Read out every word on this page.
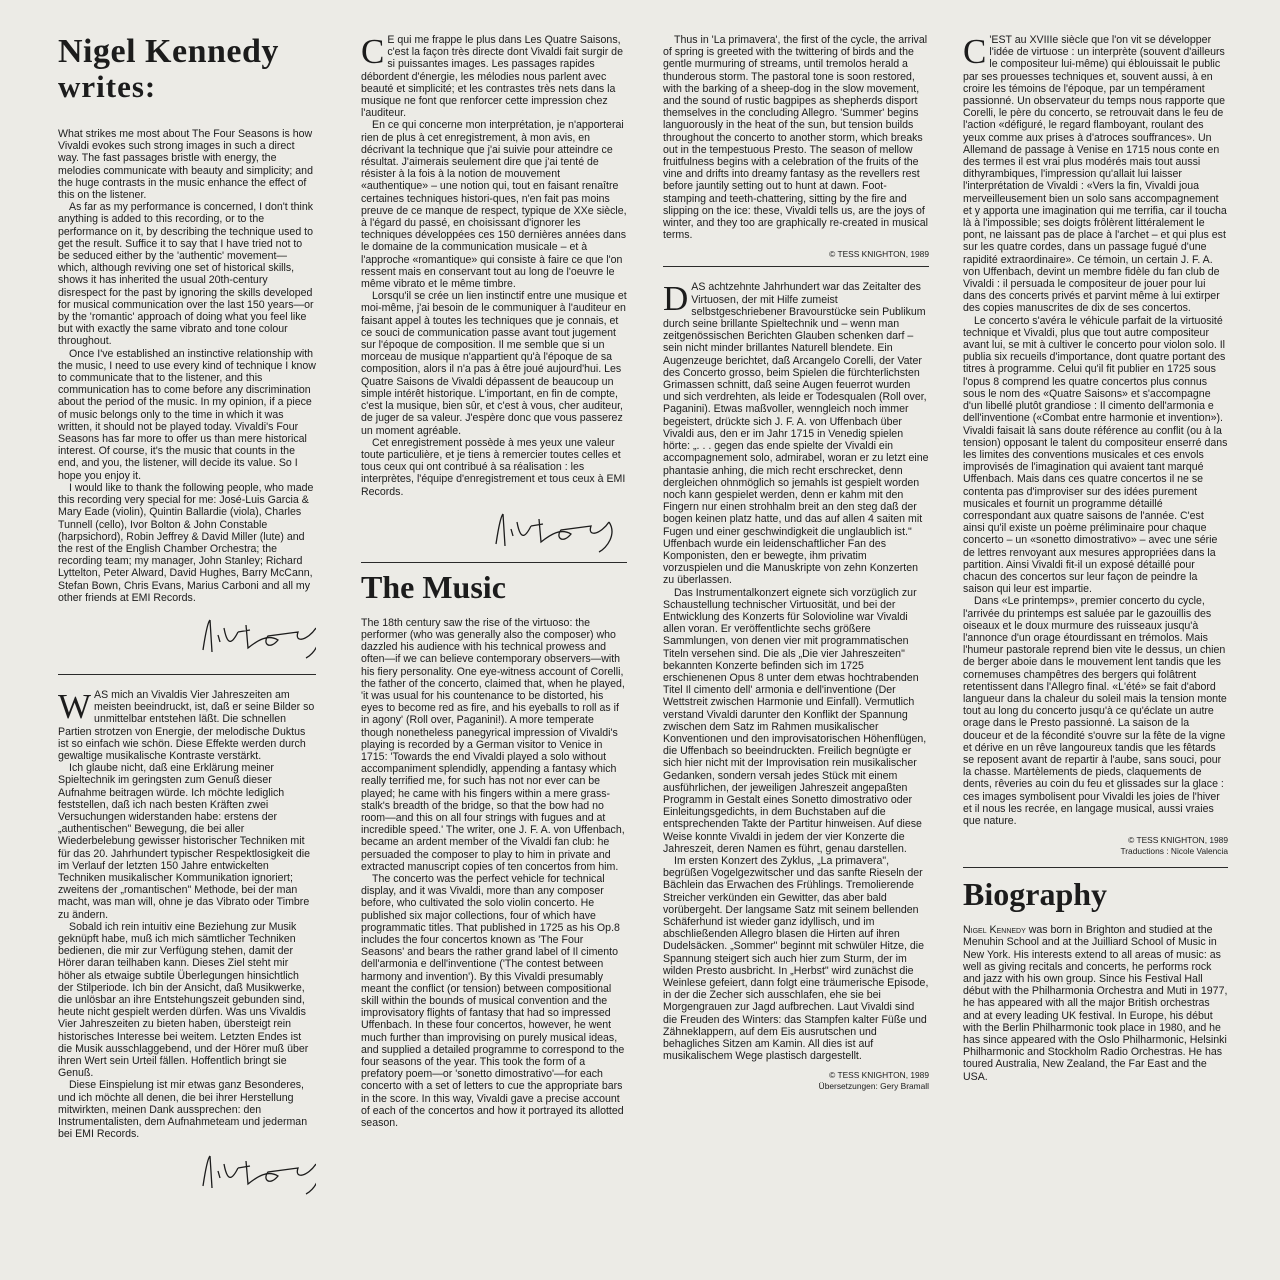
Nigel Kennedy
writes:

What strikes me most about The Four Seasons is how Vivaldi evokes such strong images in such a direct way. The fast passages bristle with energy, the melodies communicate with beauty and simplicity; and the huge contrasts in the music enhance the effect of this on the listener.

As far as my performance is concerned, I don't think anything is added to this recording, or to the performance on it, by describing the technique used to get the result. Suffice it to say that I have tried not to be seduced either by the 'authentic' movement—which, although reviving one set of historical skills, shows it has inherited the usual 20th-century disrespect for the past by ignoring the skills developed for musical communication over the last 150 years—or by the 'romantic' approach of doing what you feel like but with exactly the same vibrato and tone colour throughout.

Once I've established an instinctive relationship with the music, I need to use every kind of technique I know to communicate that to the listener, and this communication has to come before any discrimination about the period of the music. In my opinion, if a piece of music belongs only to the time in which it was written, it should not be played today. Vivaldi's Four Seasons has far more to offer us than mere historical interest. Of course, it's the music that counts in the end, and you, the listener, will decide its value. So I hope you enjoy it.

I would like to thank the following people, who made this recording very special for me: José-Luis Garcia & Mary Eade (violin), Quintin Ballardie (viola), Charles Tunnell (cello), Ivor Bolton & John Constable (harpsichord), Robin Jeffrey & David Miller (lute) and the rest of the English Chamber Orchestra; the recording team; my manager, John Stanley; Richard Lyttelton, Peter Alward, David Hughes, Barry McCann, Stefan Bown, Chris Evans, Marius Carboni and all my other friends at EMI Records.

WAS mich an Vivaldis Vier Jahreszeiten am meisten beeindruckt, ist, daß er seine Bilder so unmittelbar entstehen läßt. Die schnellen Partien strotzen von Energie, der melodische Duktus ist so einfach wie schön. Diese Effekte werden durch gewaltige musikalische Kontraste verstärkt.

Ich glaube nicht, daß eine Erklärung meiner Spieltechnik im geringsten zum Genuß dieser Aufnahme beitragen würde. Ich möchte lediglich feststellen, daß ich nach besten Kräften zwei Versuchungen widerstanden habe: erstens der „authentischen" Bewegung, die bei aller Wiederbelebung gewisser historischer Techniken mit für das 20. Jahrhundert typischer Respektlosigkeit die im Verlauf der letzten 150 Jahre entwickelten Techniken musikalischer Kommunikation ignoriert; zweitens der „romantischen" Methode, bei der man macht, was man will, ohne je das Vibrato oder Timbre zu ändern.

Sobald ich rein intuitiv eine Beziehung zur Musik geknüpft habe, muß ich mich sämtlicher Techniken bedienen, die mir zur Verfügung stehen, damit der Hörer daran teilhaben kann. Dieses Ziel steht mir höher als etwaige subtile Überlegungen hinsichtlich der Stilperiode. Ich bin der Ansicht, daß Musikwerke, die unlösbar an ihre Entstehungszeit gebunden sind, heute nicht gespielt werden dürfen. Was uns Vivaldis Vier Jahreszeiten zu bieten haben, übersteigt rein historisches Interesse bei weitem. Letzten Endes ist die Musik ausschlaggebend, und der Hörer muß über ihren Wert sein Urteil fällen. Hoffentlich bringt sie Genuß.

Diese Einspielung ist mir etwas ganz Besonderes, und ich möchte all denen, die bei ihrer Herstellung mitwirkten, meinen Dank aussprechen: den Instrumentalisten, dem Aufnahmeteam und jederman bei EMI Records.

C E qui me frappe le plus dans Les Quatre Saisons, c'est la façon très directe dont Vivaldi fait surgir de si puissantes images. Les passages rapides débordent d'énergie, les mélodies nous parlent avec beauté et simplicité; et les contrastes très nets dans la musique ne font que renforcer cette impression chez l'auditeur.

En ce qui concerne mon interprétation, je n'apporterai rien de plus à cet enregistrement, à mon avis, en décrivant la technique que j'ai suivie pour atteindre ce résultat. J'aimerais seulement dire que j'ai tenté de résister à la fois à la notion de mouvement «authentique» – une notion qui, tout en faisant renaître certaines techniques histori-ques, n'en fait pas moins preuve de ce manque de respect, typique de XXe siècle, à l'égard du passé, en choisissant d'ignorer les techniques développées ces 150 dernières années dans le domaine de la communication musicale – et à l'approche «romantique» qui consiste à faire ce que l'on ressent mais en conservant tout au long de l'oeuvre le même vibrato et le même timbre.

Lorsqu'il se crée un lien instinctif entre une musique et moi-même, j'ai besoin de le communiquer à l'auditeur en faisant appel à toutes les techniques que je connais, et ce souci de communication passe avant tout jugement sur l'époque de composition. Il me semble que si un morceau de musique n'appartient qu'à l'époque de sa composition, alors il n'a pas à être joué aujourd'hui. Les Quatre Saisons de Vivaldi dépassent de beaucoup un simple intérêt historique. L'important, en fin de compte, c'est la musique, bien sûr, et c'est à vous, cher auditeur, de juger de sa valeur. J'espère donc que vous passerez un moment agréable.

Cet enregistrement possède à mes yeux une valeur toute particulière, et je tiens à remercier toutes celles et tous ceux qui ont contribué à sa réalisation : les interprètes, l'équipe d'enregistrement et tous ceux à EMI Records.

The Music

The 18th century saw the rise of the virtuoso: the performer (who was generally also the composer) who dazzled his audience with his technical prowess and often—if we can believe contemporary observers—with his fiery personality. One eye-witness account of Corelli, the father of the concerto, claimed that, when he played, 'it was usual for his countenance to be distorted, his eyes to become red as fire, and his eyeballs to roll as if in agony' (Roll over, Paganini!). A more temperate though nonetheless panegyrical impression of Vivaldi's playing is recorded by a German visitor to Venice in 1715: 'Towards the end Vivaldi played a solo without accompaniment splendidly, appending a fantasy which really terrified me, for such has not nor ever can be played; he came with his fingers within a mere grass-stalk's breadth of the bridge, so that the bow had no room—and this on all four strings with fugues and at incredible speed.' The writer, one J. F. A. von Uffenbach, became an ardent member of the Vivaldi fan club: he persuaded the composer to play to him in private and extracted manuscript copies of ten concertos from him.

The concerto was the perfect vehicle for technical display, and it was Vivaldi, more than any composer before, who cultivated the solo violin concerto. He published six major collections, four of which have programmatic titles. That published in 1725 as his Op.8 includes the four concertos known as 'The Four Seasons' and bears the rather grand label of Il cimento dell'armonia e dell'inventione ('The contest between harmony and invention'). By this Vivaldi presumably meant the conflict (or tension) between compositional skill within the bounds of musical convention and the improvisatory flights of fantasy that had so impressed Uffenbach. In these four concertos, however, he went much further than improvising on purely musical ideas, and supplied a detailed programme to correspond to the four seasons of the year. This took the form of a prefatory poem—or 'sonetto dimostrativo'—for each concerto with a set of letters to cue the appropriate bars in the score. In this way, Vivaldi gave a precise account of each of the concertos and how it portrayed its allotted season.

Thus in 'La primavera', the first of the cycle, the arrival of spring is greeted with the twittering of birds and the gentle murmuring of streams, until tremolos herald a thunderous storm. The pastoral tone is soon restored, with the barking of a sheep-dog in the slow movement, and the sound of rustic bagpipes as shepherds disport themselves in the concluding Allegro. 'Summer' begins languorously in the heat of the sun, but tension builds throughout the concerto to another storm, which breaks out in the tempestuous Presto. The season of mellow fruitfulness begins with a celebration of the fruits of the vine and drifts into dreamy fantasy as the revellers rest before jauntily setting out to hunt at dawn. Foot-stamping and teeth-chattering, sitting by the fire and slipping on the ice: these, Vivaldi tells us, are the joys of winter, and they too are graphically re-created in musical terms.

© TESS KNIGHTON, 1989

DAS achtzehnte Jahrhundert war das Zeitalter des Virtuosen, der mit Hilfe zumeist selbstgeschriebener Bravourstücke sein Publikum durch seine brillante Spieltechnik und – wenn man zeitgenössischen Berichten Glauben schenken darf – sein nicht minder brillantes Naturell blendete. Ein Augenzeuge berichtet, daß Arcangelo Corelli, der Vater des Concerto grosso, beim Spielen die fürchterlichsten Grimassen schnitt, daß seine Augen feuerrot wurden und sich verdrehten, als leide er Todesqualen (Roll over, Paganini). Etwas maßvoller, wenngleich noch immer begeistert, drückte sich J. F. A. von Uffenbach über Vivaldi aus, den er im Jahr 1715 in Venedig spielen hörte: „. . . gegen das ende spielte der Vivaldi ein accompagnement solo, admirabel, woran er zu letzt eine phantasie anhing, die mich recht erschrecket, denn dergleichen ohnmöglich so jemahls ist gespielt worden noch kann gespielet werden, denn er kahm mit den Fingern nur einen strohhalm breit an den steg daß der bogen keinen platz hatte, und das auf allen 4 saiten mit Fugen und einer geschwindigkeit die unglaublich ist." Uffenbach wurde ein leidenschaftlicher Fan des Komponisten, den er bewegte, ihm privatim vorzuspielen und die Manuskripte von zehn Konzerten zu überlassen.

Das Instrumentalkonzert eignete sich vorzüglich zur Schaustellung technischer Virtuosität, und bei der Entwicklung des Konzerts für Solovioline war Vivaldi allen voran. Er veröffentlichte sechs größere Sammlungen, von denen vier mit programmatischen Titeln versehen sind. Die als „Die vier Jahreszeiten" bekannten Konzerte befinden sich im 1725 erschienenen Opus 8 unter dem etwas hochtrabenden Titel Il cimento dell' armonia e dell'inventione (Der Wettstreit zwischen Harmonie und Einfall). Vermutlich verstand Vivaldi darunter den Konflikt der Spannung zwischen dem Satz im Rahmen musikalischer Konventionen und den improvisatorischen Höhenflügen, die Uffenbach so beeindruckten. Freilich begnügte er sich hier nicht mit der Improvisation rein musikalischer Gedanken, sondern versah jedes Stück mit einem ausführlichen, der jeweiligen Jahreszeit angepaßten Programm in Gestalt eines Sonetto dimostrativo oder Einleitungsgedichts, in dem Buchstaben auf die entsprechenden Takte der Partitur hinweisen. Auf diese Weise konnte Vivaldi in jedem der vier Konzerte die Jahreszeit, deren Namen es führt, genau darstellen.

Im ersten Konzert des Zyklus, „La primavera", begrüßen Vogelgezwitscher und das sanfte Rieseln der Bächlein das Erwachen des Frühlings. Tremolierende Streicher verkünden ein Gewitter, das aber bald vorübergeht. Der langsame Satz mit seinem bellenden Schäferhund ist wieder ganz idyllisch, und im abschließenden Allegro blasen die Hirten auf ihren Dudelsäcken. „Sommer" beginnt mit schwüler Hitze, die Spannung steigert sich auch hier zum Sturm, der im wilden Presto ausbricht. In „Herbst" wird zunächst die Weinlese gefeiert, dann folgt eine träumerische Episode, in der die Zecher sich ausschlafen, ehe sie bei Morgengrauen zur Jagd aufbrechen. Laut Vivaldi sind die Freuden des Winters: das Stampfen kalter Füße und Zähneklappern, auf dem Eis ausrutschen und behagliches Sitzen am Kamin. All dies ist auf musikalischem Wege plastisch dargestellt.

© TESS KNIGHTON, 1989
Übersetzungen: Gery Bramall

C 'EST au XVIIIe siècle que l'on vit se développer l'idée de virtuose : un interprète (souvent d'ailleurs le compositeur lui-même) qui éblouissait le public par ses prouesses techniques et, souvent aussi, à en croire les témoins de l'époque, par un tempérament passionné. Un observateur du temps nous rapporte que Corelli, le père du concerto, se retrouvait dans le feu de l'action «défiguré, le regard flamboyant, roulant des yeux comme aux prises à d'atroces souffrances». Un Allemand de passage à Venise en 1715 nous conte en des termes il est vrai plus modérés mais tout aussi dithyrambiques, l'impression qu'allait lui laisser l'interprétation de Vivaldi : «Vers la fin, Vivaldi joua merveilleusement bien un solo sans accompagnement et y apporta une imagination qui me terrifia, car il toucha là à l'impossible; ses doigts frôlèrent littéralement le pont, ne laissant pas de place à l'archet – et qui plus est sur les quatre cordes, dans un passage fugué d'une rapidité extraordinaire». Ce témoin, un certain J. F. A. von Uffenbach, devint un membre fidèle du fan club de Vivaldi : il persuada le compositeur de jouer pour lui dans des concerts privés et parvint même à lui extirper des copies manuscrites de dix de ses concertos.

Le concerto s'avéra le véhicule parfait de la virtuosité technique et Vivaldi, plus que tout autre compositeur avant lui, se mit à cultiver le concerto pour violon solo. Il publia six recueils d'importance, dont quatre portant des titres à programme. Celui qu'il fit publier en 1725 sous l'opus 8 comprend les quatre concertos plus connus sous le nom des «Quatre Saisons» et s'accompagne d'un libellé plutôt grandiose : Il cimento dell'armonia e dell'inventione («Combat entre harmonie et invention»). Vivaldi faisait là sans doute référence au conflit (ou à la tension) opposant le talent du compositeur enserré dans les limites des conventions musicales et ces envols improvisés de l'imagination qui avaient tant marqué Uffenbach. Mais dans ces quatre concertos il ne se contenta pas d'improviser sur des idées purement musicales et fournit un programme détaillé correspondant aux quatre saisons de l'année. C'est ainsi qu'il existe un poème préliminaire pour chaque concerto – un «sonetto dimostrativo» – avec une série de lettres renvoyant aux mesures appropriées dans la partition. Ainsi Vivaldi fit-il un exposé détaillé pour chacun des concertos sur leur façon de peindre la saison qui leur est impartie.

Dans «Le printemps», premier concerto du cycle, l'arrivée du printemps est saluée par le gazouillis des oiseaux et le doux murmure des ruisseaux jusqu'à l'annonce d'un orage étourdissant en trémolos. Mais l'humeur pastorale reprend bien vite le dessus, un chien de berger aboie dans le mouvement lent tandis que les cornemuses champêtres des bergers qui folâtrent retentissent dans l'Allegro final. «L'été» se fait d'abord langueur dans la chaleur du soleil mais la tension monte tout au long du concerto jusqu'à ce qu'éclate un autre orage dans le Presto passionné. La saison de la douceur et de la fécondité s'ouvre sur la fête de la vigne et dérive en un rêve langoureux tandis que les fêtards se reposent avant de repartir à l'aube, sans souci, pour la chasse. Martèlements de pieds, claquements de dents, rêveries au coin du feu et glissades sur la glace : ces images symbolisent pour Vivaldi les joies de l'hiver et il nous les recrée, en langage musical, aussi vraies que nature.

© TESS KNIGHTON, 1989
Traductions : Nicole Valencia
Biography

Nigel Kennedy was born in Brighton and studied at the Menuhin School and at the Juilliard School of Music in New York. His interests extend to all areas of music: as well as giving recitals and concerts, he performs rock and jazz with his own group. Since his Festival Hall début with the Philharmonia Orchestra and Muti in 1977, he has appeared with all the major British orchestras and at every leading UK festival. In Europe, his début with the Berlin Philharmonic took place in 1980, and he has since appeared with the Oslo Philharmonic, Helsinki Philharmonic and Stockholm Radio Orchestras. He has toured Australia, New Zealand, the Far East and the USA.
